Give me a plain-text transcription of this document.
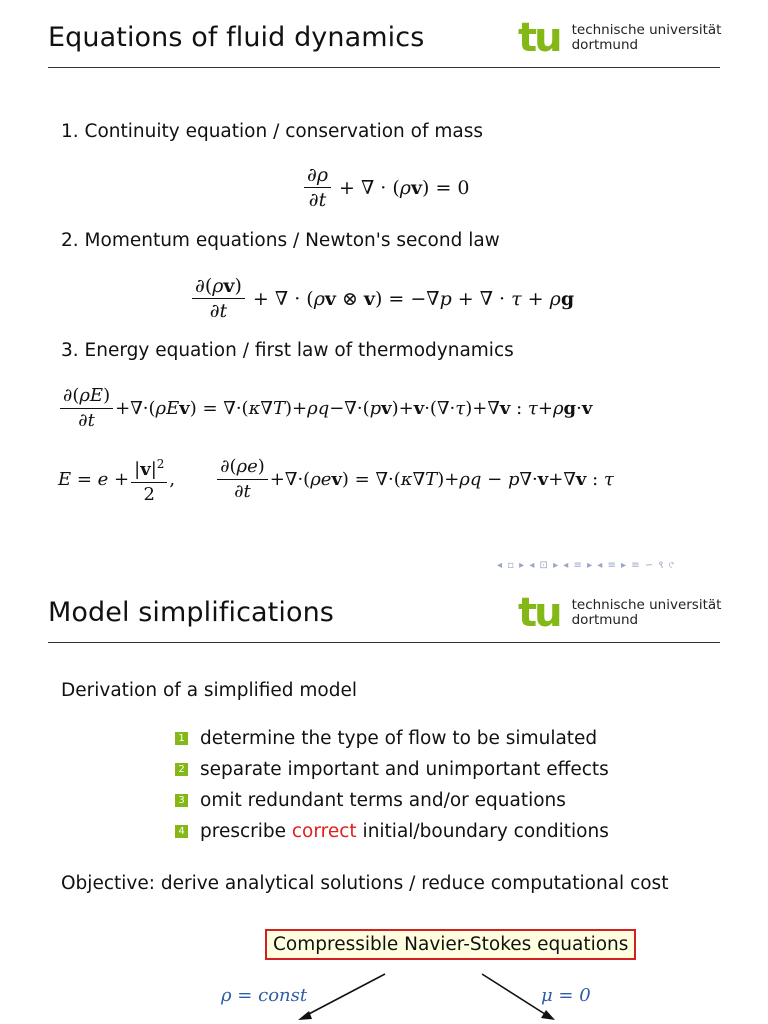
Equations of fluid dynamics tu technische universität
dortmund
1. Continuity equation / conservation of mass
$\frac{\partial\rho}{\partial t}$ + ∇ · (ρv) = 0
2. Momentum equations / Newton's second law
$\frac{\partial(\rho v)}{\partial t}$ + ∇ · (ρv ⊗ v) = −∇p + ∇ · τ + ρg
3. Energy equation / first law of thermodynamics
$\frac{\partial(\rho E)}{\partial t} +\nabla\cdot(\rho Ev) = \nabla\cdot(\kappa\nabla T)+\rho q-\nabla\cdot(pv)+v\cdot(\nabla\cdot\tau)+\nabla v$ : τ+ρg·v
$E = e + \frac{|v|^2}{2}$ , $\frac{\partial(\rho e)}{\partial t} +\nabla\cdot(\rho ev) = \nabla\cdot(\kappa\nabla T)+\rho q - p\nabla\cdot v+\nabla v$ : τ
◂ ▫ ▸ ◂ ⊡ ▸ ◂ ≡ ▸ ◂ ≡ ▸ ≡ ∽ ९ ୯
Model simplifications	tu technische universität
dortmund
Derivation of a simplified model
1 determine the type of flow to be simulated
2 separate important and unimportant effects
3 omit redundant terms and/or equations
4 prescribe correct initial/boundary conditions
Objective: derive analytical solutions / reduce computational cost
Compressible Navier-Stokes equations
ρ = const	μ = 0
